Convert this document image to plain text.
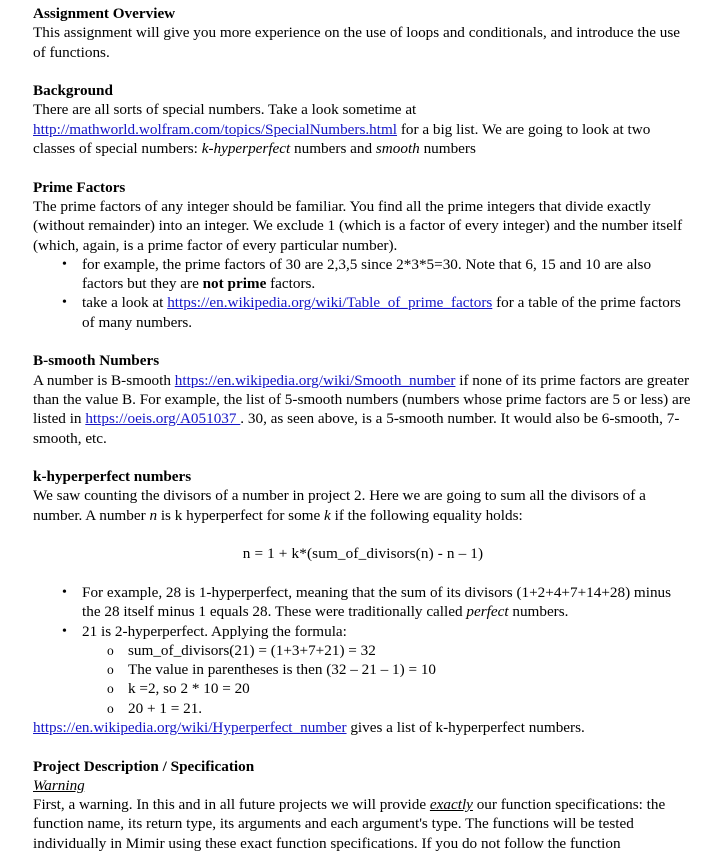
Assignment Overview

This assignment will give you more experience on the use of loops and conditionals, and introduce the use of functions.

Background

There are all sorts of special numbers. Take a look sometime at http://mathworld.wolfram.com/topics/SpecialNumbers.html for a big list. We are going to look at two classes of special numbers: k-hyperperfect numbers and smooth numbers

Prime Factors

The prime factors of any integer should be familiar. You find all the prime integers that divide exactly (without remainder) into an integer. We exclude 1 (which is a factor of every integer) and the number itself (which, again, is a prime factor of every particular number).

• for example, the prime factors of 30 are 2,3,5 since 2*3*5=30. Note that 6, 15 and 10 are also factors but they are not prime factors.
• take a look at https://en.wikipedia.org/wiki/Table_of_prime_factors for a table of the prime factors of many numbers.

B-smooth Numbers

A number is B-smooth https://en.wikipedia.org/wiki/Smooth_number if none of its prime factors are greater than the value B. For example, the list of 5-smooth numbers (numbers whose prime factors are 5 or less) are listed in https://oeis.org/A051037 . 30, as seen above, is a 5-smooth number. It would also be 6-smooth, 7-smooth, etc.

k-hyperperfect numbers

We saw counting the divisors of a number in project 2. Here we are going to sum all the divisors of a number. A number n is k hyperperfect for some k if the following equality holds:

n = 1 + k*(sum_of_divisors(n) - n – 1)

• For example, 28 is 1-hyperperfect, meaning that the sum of its divisors (1+2+4+7+14+28) minus the 28 itself minus 1 equals 28. These were traditionally called perfect numbers.
• 21 is 2-hyperperfect. Applying the formula:
o sum_of_divisors(21) = (1+3+7+21) = 32
o The value in parentheses is then (32 – 21 – 1) = 10
o k =2, so 2 * 10 = 20
o 20 + 1 = 21.

https://en.wikipedia.org/wiki/Hyperperfect_number gives a list of k-hyperperfect numbers.

Project Description / Specification

Warning

First, a warning. In this and in all future projects we will provide exactly our function specifications: the function name, its return type, its arguments and each argument's type. The functions will be tested individually in Mimir using these exact function specifications. If you do not follow the function
